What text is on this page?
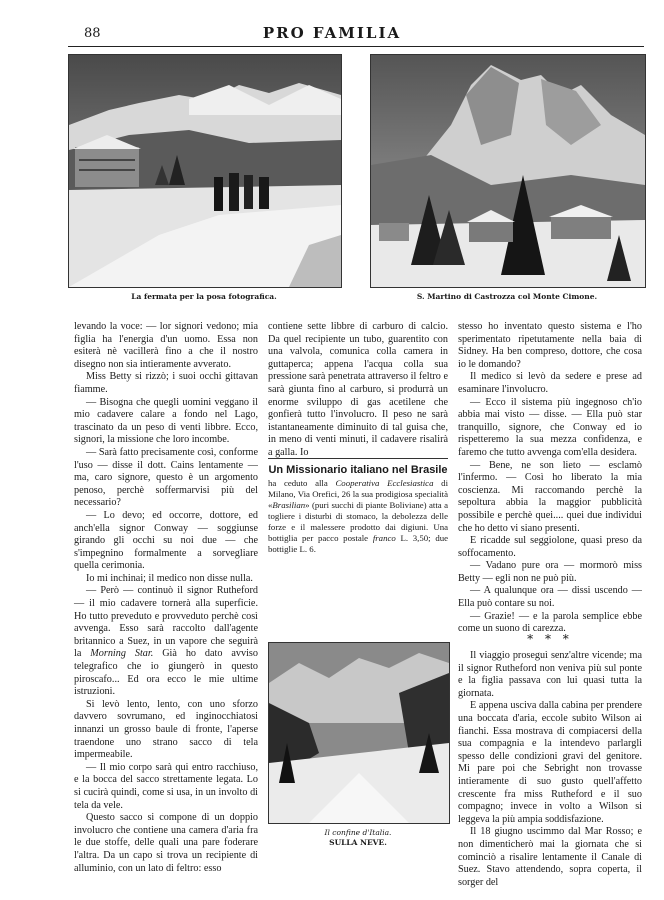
88	PRO FAMILIA
La fermata per la posa fotografica.	S. Martino di Castrozza col Monte Cimone.

levando la voce: — lor signori vedono; mia figlia ha l'energia d'un uomo. Essa non esiterà nè vacillerà fino a che il nostro disegno non sia intieramente avverato.

Miss Betty si rizzò; i suoi occhi gittavan fiamme.

— Bisogna che quegli uomini veggano il mio cadavere calare a fondo nel Lago, trascinato da un peso di venti libbre. Ecco, signori, la missione che loro incombe.

— Sarà fatto precisamente così, conforme l'uso — disse il dott. Cains lentamente — ma, caro signore, questo è un argomento penoso, perchè soffermarvisi più del necessario?

— Lo devo; ed occorre, dottore, ed anch'ella signor Conway — soggiunse girando gli occhi su noi due — che s'impegnino formalmente a sorvegliare quella cerimonia.

Io mi inchinai; il medico non disse nulla.

— Però — continuò il signor Rutheford — il mio cadavere tornerà alla superficie. Ho tutto preveduto e provveduto perchè così avvenga. Esso sarà raccolto dall'agente britannico a Suez, in un vapore che seguirà la Morning Star. Già ho dato avviso telegrafico che io giungerò in questo piroscafo... Ed ora ecco le mie ultime istruzioni.

Si levò lento, lento, con uno sforzo davvero sovrumano, ed inginocchiatosi innanzi un grosso baule di fronte, l'aperse traendone uno strano sacco di tela impermeabile.

— Il mio corpo sarà qui entro racchiuso, e la bocca del sacco strettamente legata. Lo si cucirà quindi, come si usa, in un involto di tela da vele.

Questo sacco si compone di un doppio involucro che contiene una camera d'aria fra le due stoffe, delle quali una pare foderare l'altra. Da un capo si trova un recipiente di alluminio, con un lato di feltro: esso

contiene sette libbre di carburo di calcio. Da quel recipiente un tubo, guarentito con una valvola, comunica colla camera in guttaperca; appena l'acqua colla sua pressione sarà penetrata attraverso il feltro e sarà giunta fino al carburo, si produrrà un enorme sviluppo di gas acetilene che gonfierà tutto l'involucro. Il peso ne sarà istantaneamente diminuito di tal guisa che, in meno di venti minuti, il cadavere risalirà a galla. Io

Un Missionario italiano nel Brasile
ha ceduto alla Cooperativa Ecclesiastica di Milano, Via Orefici, 26 la sua prodigiosa specialità «Brasilian» (puri succhi di piante Boliviane) atta a togliere i disturbi di stomaco, la debolezza delle forze e il malessere prodotto dai digiuni. Una bottiglia per pacco postale franco L. 3,50; due bottiglie L. 6.
Il confine d'Italia.
SULLA NEVE.

stesso ho inventato questo sistema e l'ho sperimentato ripetutamente nella baia di Sidney. Ha ben compreso, dottore, che cosa io le domando?

Il medico si levò da sedere e prese ad esaminare l'involucro.

— Ecco il sistema più ingegnoso ch'io abbia mai visto — disse. — Ella può star tranquillo, signore, che Conway ed io rispetteremo la sua mezza confidenza, e faremo che tutto avvenga com'ella desidera.

— Bene, ne son lieto — esclamò l'infermo. — Così ho liberato la mia coscienza. Mi raccomando perchè la sepoltura abbia la maggior pubblicità possibile e perchè quei.... quei due individui che ho detto vi siano presenti.

E ricadde sul seggiolone, quasi preso da soffocamento.

— Vadano pure ora — mormorò miss Betty — egli non ne può più.

— A qualunque ora — dissi uscendo — Ella può contare su noi.

— Grazie! — e la parola semplice ebbe come un suono di carezza.

* * *

Il viaggio proseguì senz'altre vicende; ma il signor Rutheford non veniva più sul ponte e la figlia passava con lui quasi tutta la giornata.

E appena usciva dalla cabina per prendere una boccata d'aria, eccole subito Wilson ai fianchi. Essa mostrava di compiacersi della sua compagnia e la intendevo parlargli spesso delle condizioni gravi del genitore. Mi pare poi che Sebright non trovasse intieramente di suo gusto quell'affetto crescente fra miss Rutheford e il suo compagno; invece in volto a Wilson si leggeva la più ampia soddisfazione.

Il 18 giugno uscimmo dal Mar Rosso; e non dimenticherò mai la giornata che si cominciò a risalire lentamente il Canale di Suez. Stavo attendendo, sopra coperta, il sorger del
